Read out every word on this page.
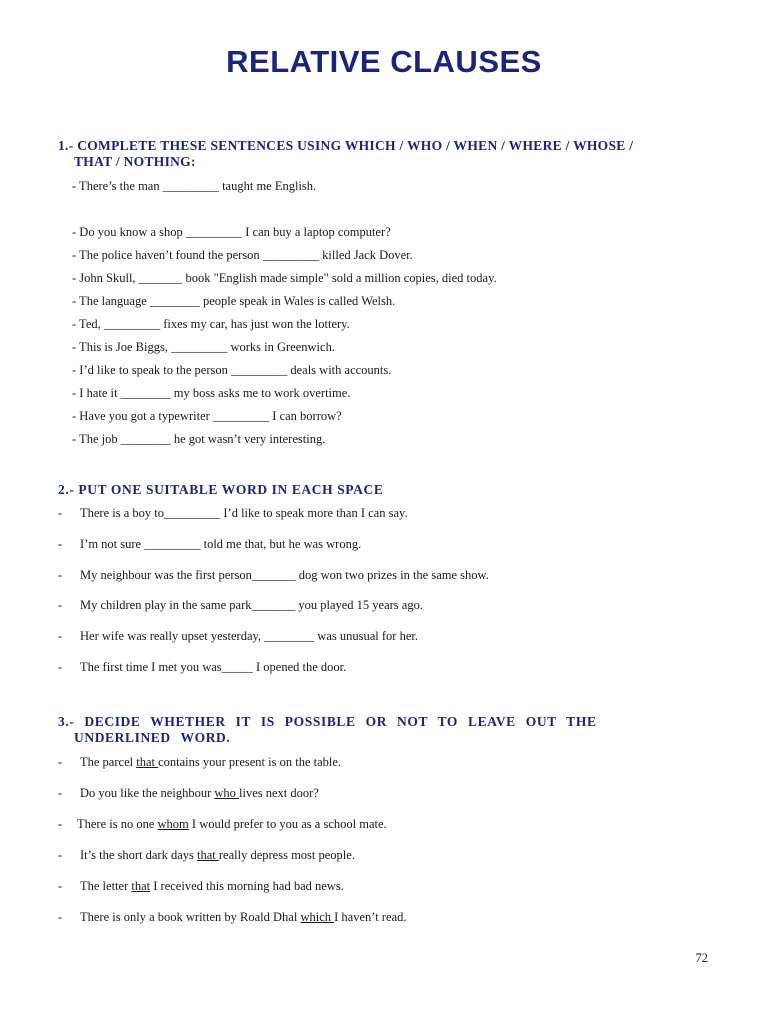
RELATIVE CLAUSES
1.- COMPLETE THESE SENTENCES USING WHICH / WHO / WHEN / WHERE / WHOSE /
THAT / NOTHING:
- There’s the man _________ taught me English.
- Do you know a shop _________ I can buy a laptop computer?
- The police haven’t found the person _________ killed Jack Dover.
- John Skull, _______ book "English made simple" sold a million copies, died today.
- The language ________ people speak in Wales is called Welsh.
- Ted, _________ fixes my car, has just won the lottery.
- This is Joe Biggs, _________ works in Greenwich.
- I’d like to speak to the person _________ deals with accounts.
- I hate it ________ my boss asks me to work overtime.
- Have you got a typewriter _________ I can borrow?
- The job ________ he got wasn’t very interesting.
2.- PUT ONE SUITABLE WORD IN EACH SPACE
- There is a boy to_________ I’d like to speak more than I can say.
- I’m not sure _________ told me that, but he was wrong.
- My neighbour was the first person_______ dog won two prizes in the same show.
- My children play in the same park_______ you played 15 years ago.
- Her wife was really upset yesterday, ________ was unusual for her.
- The first time I met you was_____ I opened the door.
3.- DECIDE WHETHER IT IS POSSIBLE OR NOT TO LEAVE OUT THE
UNDERLINED WORD.
- The parcel that contains your present is on the table.
- Do you like the neighbour who lives next door?
- There is no one whom I would prefer to you as a school mate.
- It’s the short dark days that really depress most people.
- The letter that I received this morning had bad news.
- There is only a book written by Roald Dhal which I haven’t read.
72
